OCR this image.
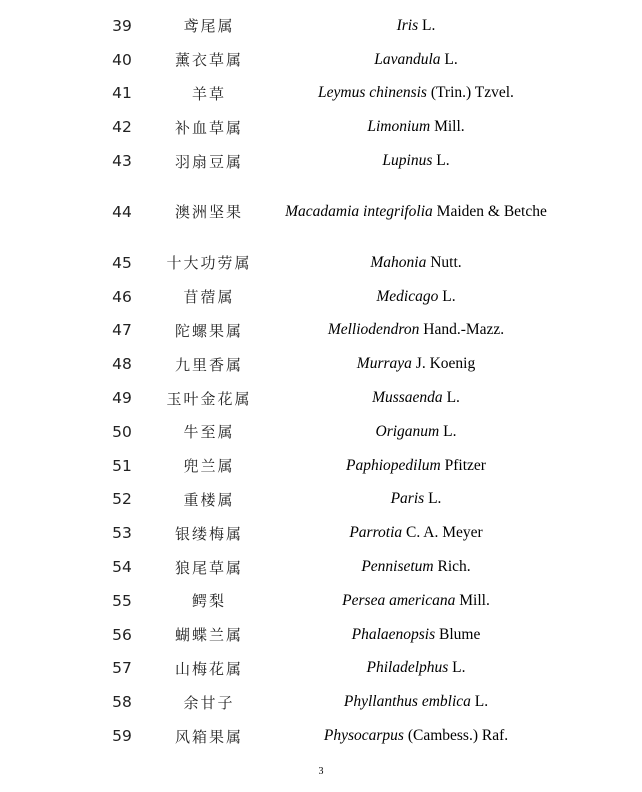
39	鸢尾属	Iris L.
40	薰衣草属	Lavandula L.
41	羊草	Leymus chinensis (Trin.) Tzvel.
42	补血草属	Limonium Mill.
43	羽扇豆属	Lupinus L.
44	澳洲坚果	Macadamia integrifolia Maiden & Betche
45	十大功劳属	Mahonia Nutt.
46	苜蓿属	Medicago L.
47	陀螺果属	Melliodendron Hand.-Mazz.
48	九里香属	Murraya J. Koenig
49	玉叶金花属	Mussaenda L.
50	牛至属	Origanum L.
51	兜兰属	Paphiopedilum Pfitzer
52	重楼属	Paris L.
53	银缕梅属	Parrotia C. A. Meyer
54	狼尾草属	Pennisetum Rich.
55	鳄梨	Persea americana Mill.
56	蝴蝶兰属	Phalaenopsis Blume
57	山梅花属	Philadelphus L.
58	余甘子	Phyllanthus emblica L.
59	风箱果属	Physocarpus (Cambess.) Raf.
3
